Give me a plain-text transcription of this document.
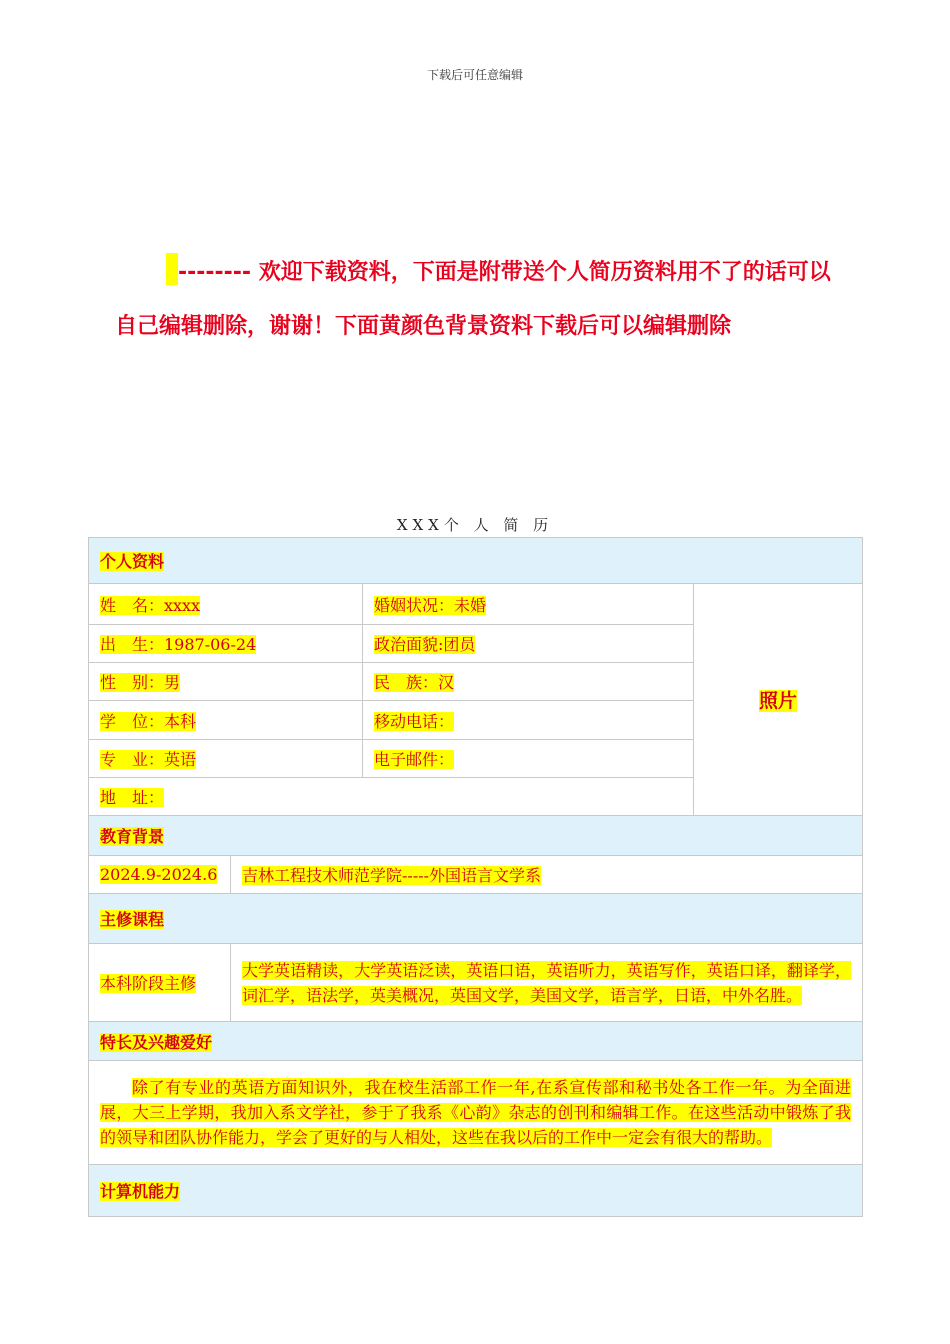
下载后可任意编辑
-------- 欢迎下载资料，下面是附带送个人简历资料用不了的话可以自己编辑删除，谢谢！下面黄颜色背景资料下载后可以编辑删除
XXX个 人 简 历
个人资料			
姓　名：xxxx		婚姻状况：未婚	照片
出　生：1987-06-24		政治面貌:团员	
性　别：男		民　族：汉	
学　位：本科		移动电话：	
专　业：英语		电子邮件：	
地　址：			
教育背景			
2024.9-2024.6	吉林工程技术师范学院-----外国语言文学系		
主修课程			
本科阶段主修	大学英语精读，大学英语泛读，英语口语，英语听力，英语写作，英语口译，翻译学，词汇学，语法学，英美概况，英国文学，美国文学，语言学，日语，中外名胜。		

特长及兴趣爱好			

除了有专业的英语方面知识外，我在校生活部工作一年,在系宣传部和秘书处各工作一年。为全面进展，大三上学期，我加入系文学社，参于了我系《心韵》杂志的创刊和编辑工作。在这些活动中锻炼了我的领导和团队协作能力，学会了更好的与人相处，这些在我以后的工作中一定会有很大的帮助。			

计算机能力			
